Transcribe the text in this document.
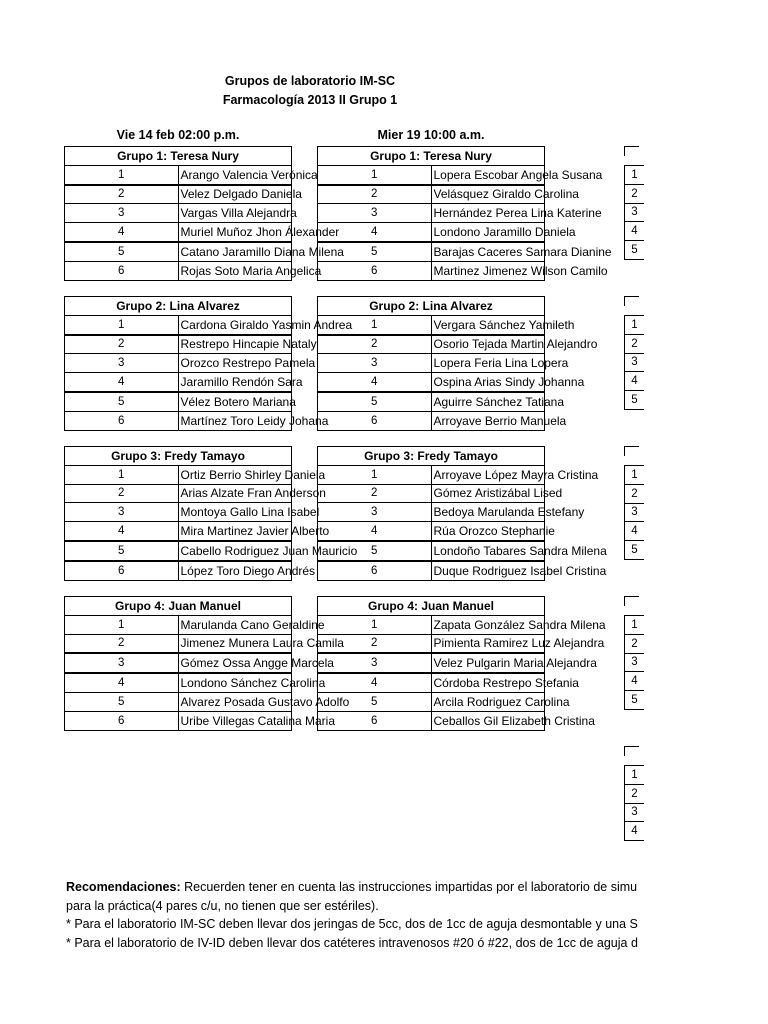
Grupos de laboratorio IM-SC
Farmacología 2013 II Grupo 1
Vie 14 feb 02:00 p.m.
Grupo 1: Teresa Nury	
1	Arango Valencia Verónica
2	Velez Delgado Daniela
3	Vargas Villa Alejandra
4	Muriel Muñoz Jhon Álexander
5	Catano Jaramillo Diana Milena
6	Rojas Soto Maria Angelica
Grupo 2: Lina Alvarez	
1	Cardona Giraldo Yasmin Andrea
2	Restrepo Hincapie Nataly
3	Orozco Restrepo Pamela
4	Jaramillo Rendón Sara
5	Vélez Botero Mariana
6	Martínez Toro Leidy Johana
Grupo 3: Fredy Tamayo	
1	Ortiz Berrio Shirley Daniela
2	Arias Alzate Fran Anderson
3	Montoya Gallo Lina Isabel
4	Mira Martinez Javier Alberto
5	Cabello Rodriguez Juan Mauricio
6	López Toro Diego Andrés
Grupo 4: Juan Manuel	
1	Marulanda Cano Geraldine
2	Jimenez Munera Laura Camila
3	Gómez Ossa Angge Marcela
4	Londono Sánchez Carolina
5	Alvarez Posada Gustavo Adolfo
6	Uribe Villegas Catalina Maria
Mier 19 10:00 a.m.
Grupo 1: Teresa Nury	
1	Lopera Escobar Angela Susana
2	Velásquez Giraldo Carolina
3	Hernández Perea Lina Katerine
4	Londono Jaramillo Daniela
5	Barajas Caceres Samara Dianine
6	Martinez Jimenez Wilson Camilo
Grupo 2: Lina Alvarez	
1	Vergara Sánchez Yamileth
2	Osorio Tejada Martin Alejandro
3	Lopera Feria Lina Lopera
4	Ospina Arias Sindy Johanna
5	Aguirre Sánchez Tatiana
6	Arroyave Berrio Manuela
Grupo 3: Fredy Tamayo	
1	Arroyave López Mayra Cristina
2	Gómez Aristizábal Lised
3	Bedoya Marulanda Estefany
4	Rúa Orozco Stephanie
5	Londoño Tabares Sandra Milena
6	Duque Rodriguez Isabel Cristina
Grupo 4: Juan Manuel	
1	Zapata González Sandra Milena
2	Pimienta Ramirez Luz Alejandra
3	Velez Pulgarin Maria Alejandra
4	Córdoba Restrepo Stefania
5	Arcila Rodriguez Carolina
6	Ceballos Gil Elizabeth Cristina
1
2
3
4
5
1
2
3
4
5
1
2
3
4
5
1
2
3
4
5
1
2
3
4
Recomendaciones: Recuerden tener en cuenta las instrucciones impartidas por el laboratorio de simu
para la práctica(4 pares c/u, no tienen que ser estériles).
* Para el laboratorio IM-SC deben llevar dos jeringas de 5cc, dos de 1cc de aguja desmontable y una S
* Para el laboratorio de IV-ID deben llevar dos catéteres intravenosos #20 ó #22, dos de 1cc de aguja d
